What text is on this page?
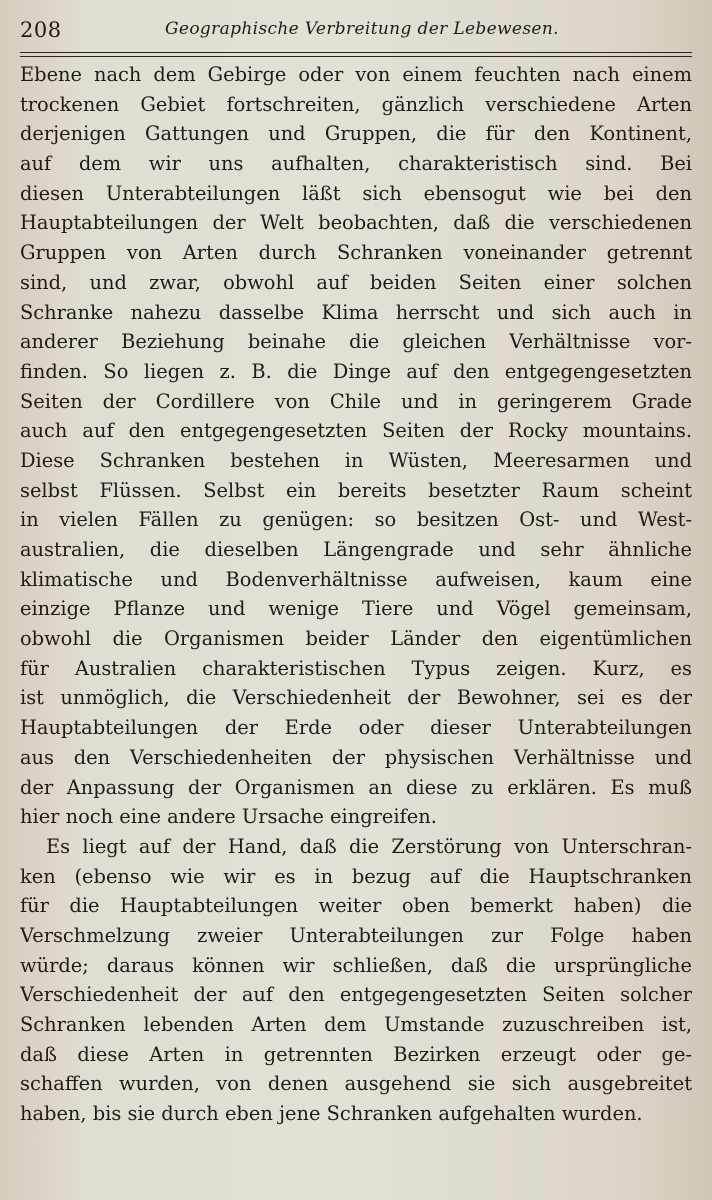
208	Geographische Verbreitung der Lebewesen.
Ebene nach dem Gebirge oder von einem feuchten nach einem
trockenen Gebiet fortschreiten, gänzlich verschiedene Arten
derjenigen Gattungen und Gruppen, die für den Kontinent,
auf dem wir uns aufhalten, charakteristisch sind. Bei
diesen Unterabteilungen läßt sich ebensogut wie bei den
Hauptabteilungen der Welt beobachten, daß die verschiedenen
Gruppen von Arten durch Schranken voneinander getrennt
sind, und zwar, obwohl auf beiden Seiten einer solchen
Schranke nahezu dasselbe Klima herrscht und sich auch in
anderer Beziehung beinahe die gleichen Verhältnisse vor-
finden. So liegen z. B. die Dinge auf den entgegengesetzten
Seiten der Cordillere von Chile und in geringerem Grade
auch auf den entgegengesetzten Seiten der Rocky mountains.
Diese Schranken bestehen in Wüsten, Meeresarmen und
selbst Flüssen. Selbst ein bereits besetzter Raum scheint
in vielen Fällen zu genügen: so besitzen Ost- und West-
australien, die dieselben Längengrade und sehr ähnliche
klimatische und Bodenverhältnisse aufweisen, kaum eine
einzige Pflanze und wenige Tiere und Vögel gemeinsam,
obwohl die Organismen beider Länder den eigentümlichen
für Australien charakteristischen Typus zeigen. Kurz, es
ist unmöglich, die Verschiedenheit der Bewohner, sei es der
Hauptabteilungen der Erde oder dieser Unterabteilungen
aus den Verschiedenheiten der physischen Verhältnisse und
der Anpassung der Organismen an diese zu erklären. Es muß
hier noch eine andere Ursache eingreifen.
Es liegt auf der Hand, daß die Zerstörung von Unterschran-
ken (ebenso wie wir es in bezug auf die Hauptschranken
für die Hauptabteilungen weiter oben bemerkt haben) die
Verschmelzung zweier Unterabteilungen zur Folge haben
würde; daraus können wir schließen, daß die ursprüngliche
Verschiedenheit der auf den entgegengesetzten Seiten solcher
Schranken lebenden Arten dem Umstande zuzuschreiben ist,
daß diese Arten in getrennten Bezirken erzeugt oder ge-
schaffen wurden, von denen ausgehend sie sich ausgebreitet
haben, bis sie durch eben jene Schranken aufgehalten wurden.
